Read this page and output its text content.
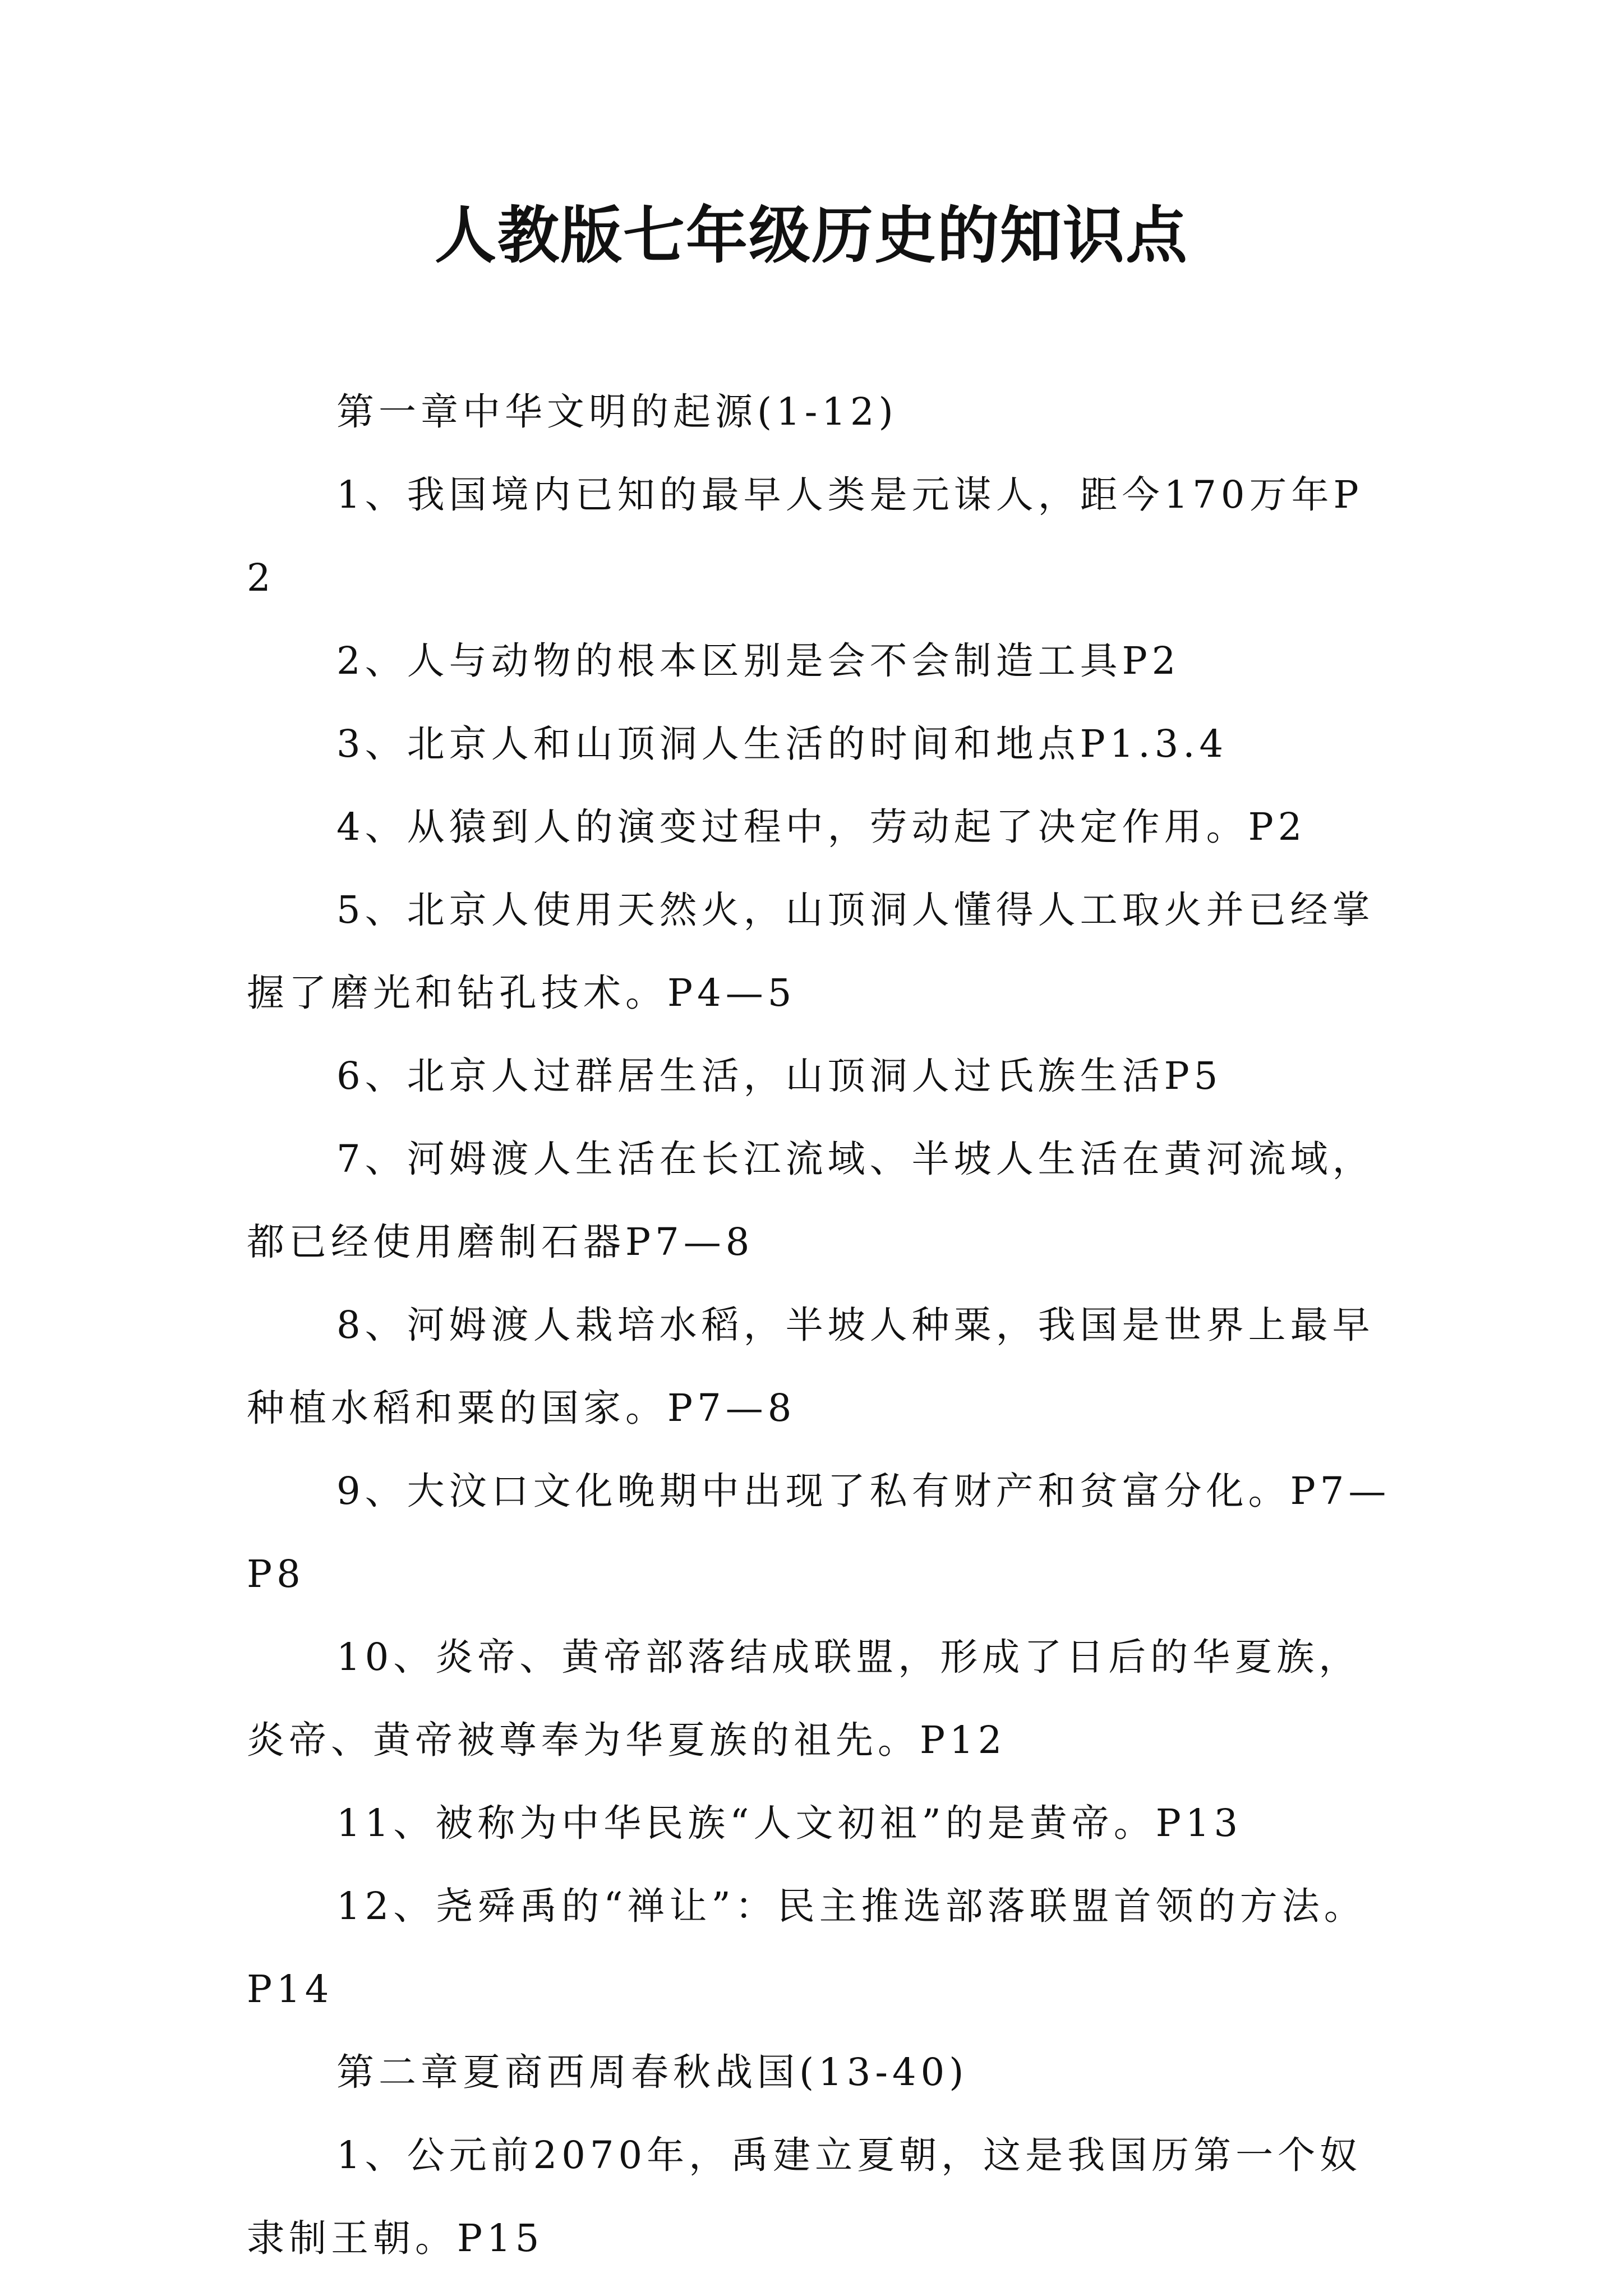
人教版七年级历史的知识点

第一章中华文明的起源(1-12)

1、我国境内已知的最早人类是元谋人，距今170万年P2

2、人与动物的根本区别是会不会制造工具P2

3、北京人和山顶洞人生活的时间和地点P1.3.4

4、从猿到人的演变过程中，劳动起了决定作用。P2

5、北京人使用天然火，山顶洞人懂得人工取火并已经掌握了磨光和钻孔技术。P4—5

6、北京人过群居生活，山顶洞人过氏族生活P5

7、河姆渡人生活在长江流域、半坡人生活在黄河流域，都已经使用磨制石器P7—8

8、河姆渡人栽培水稻，半坡人种粟，我国是世界上最早种植水稻和粟的国家。P7—8

9、大汶口文化晚期中出现了私有财产和贫富分化。P7—P8

10、炎帝、黄帝部落结成联盟，形成了日后的华夏族，炎帝、黄帝被尊奉为华夏族的祖先。P12

11、被称为中华民族“人文初祖”的是黄帝。P13

12、尧舜禹的“禅让”：民主推选部落联盟首领的方法。P14

第二章夏商西周春秋战国(13-40)

1、公元前2070年，禹建立夏朝，这是我国历第一个奴隶制王朝。P15
